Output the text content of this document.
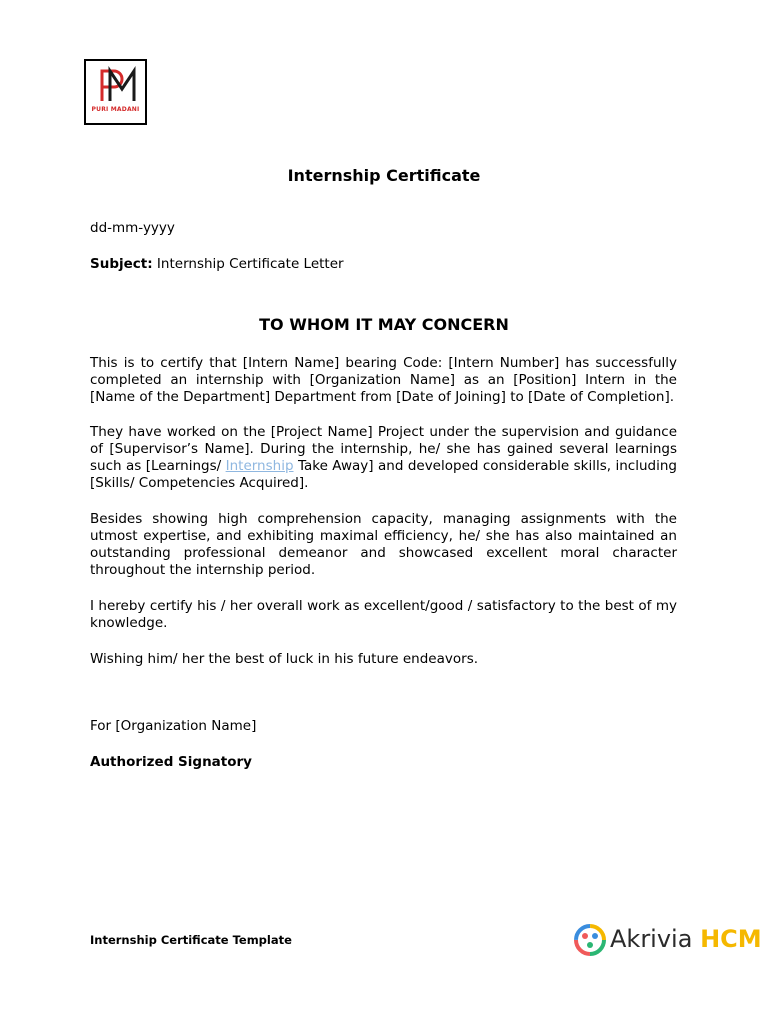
PURI MADANI
Internship Certificate
dd-mm-yyyy
Subject: Internship Certificate Letter
TO WHOM IT MAY CONCERN

This is to certify that [Intern Name] bearing Code: [Intern Number] has successfully completed an internship with [Organization Name] as an [Position] Intern in the [Name of the Department] Department from [Date of Joining] to [Date of Completion].

They have worked on the [Project Name] Project under the supervision and guidance of [Supervisor’s Name]. During the internship, he/ she has gained several learnings such as [Learnings/ Internship Take Away] and developed considerable skills, including [Skills/ Competencies Acquired].

Besides showing high comprehension capacity, managing assignments with the utmost expertise, and exhibiting maximal efficiency, he/ she has also maintained an outstanding professional demeanor and showcased excellent moral character throughout the internship period.

I hereby certify his / her overall work as excellent/good / satisfactory to the best of my knowledge.

Wishing him/ her the best of luck in his future endeavors.

For [Organization Name]
Authorized Signatory
Internship Certificate Template	Akrivia HCM
